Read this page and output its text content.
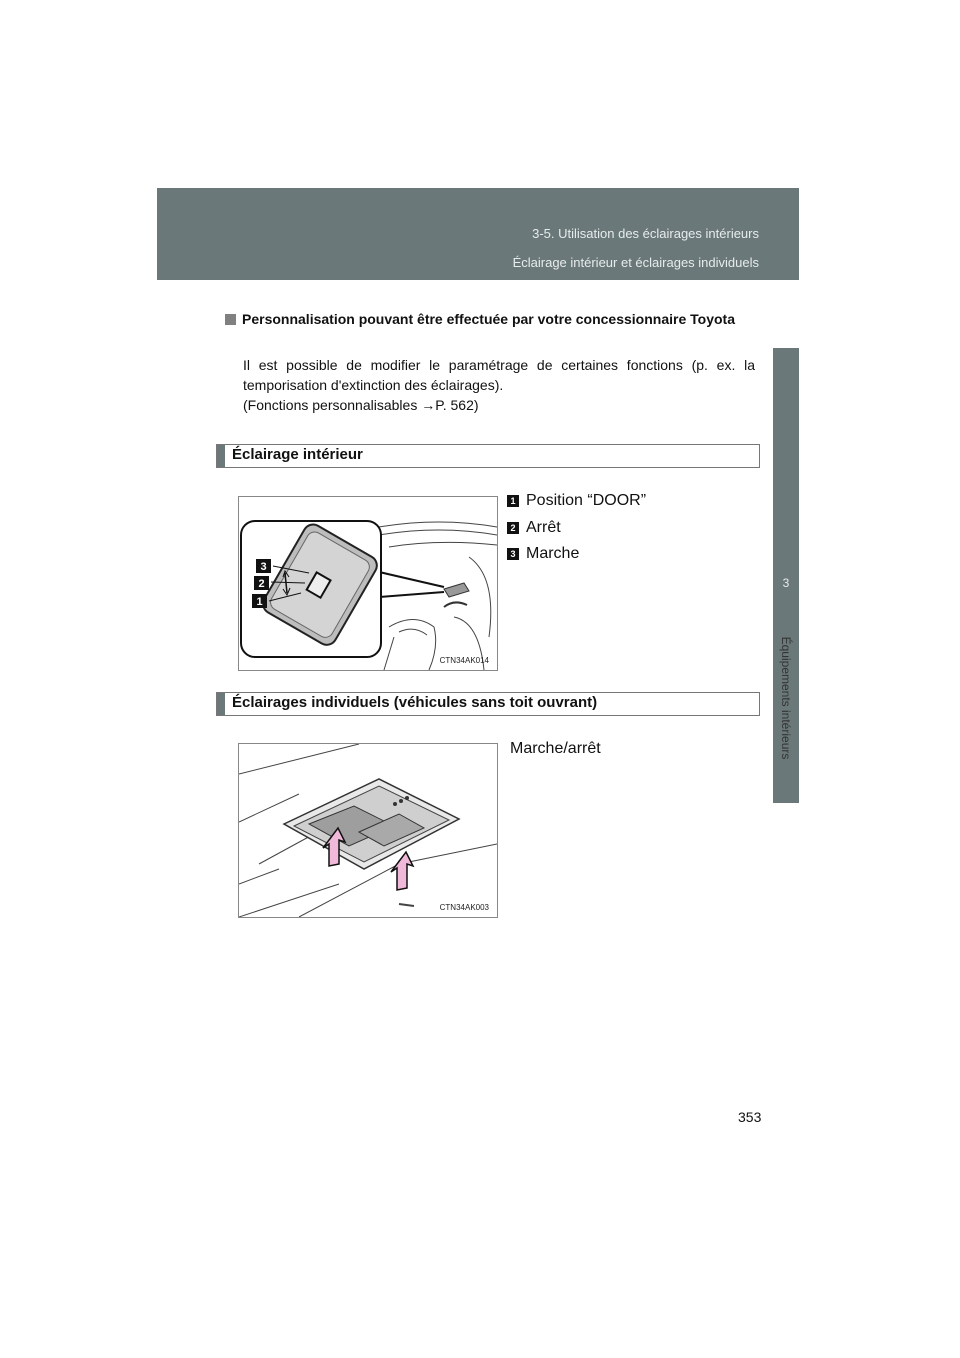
3-5. Utilisation des éclairages intérieurs
Éclairage intérieur et éclairages individuels
3
Équipements intérieurs
Personnalisation pouvant être effectuée par votre concessionnaire Toyota
Il est possible de modifier le paramétrage de certaines fonctions (p. ex. la temporisation d'extinction des éclairages).
(Fonctions personnalisables →P. 562)
Éclairage intérieur
3
2
1
CTN34AK014
1 Position “DOOR”
2 Arrêt
3 Marche
Éclairages individuels (véhicules sans toit ouvrant)
CTN34AK003
Marche/arrêt
353
